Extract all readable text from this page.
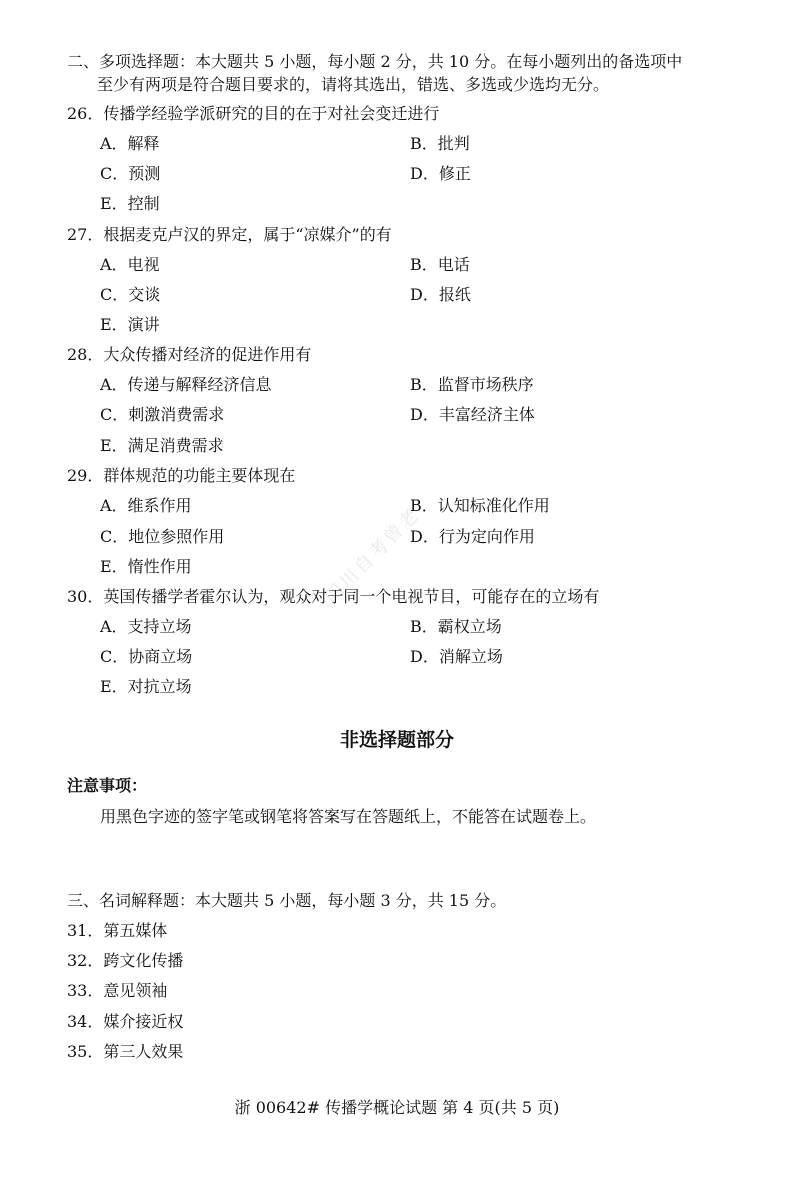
四川自考曾老
二、多项选择题：本大题共 5 小题，每小题 2 分，共 10 分。在每小题列出的备选项中
至少有两项是符合题目要求的，请将其选出，错选、多选或少选均无分。
26．传播学经验学派研究的目的在于对社会变迁进行
A．解释	B．批判
C．预测	D．修正
E．控制
27．根据麦克卢汉的界定，属于“凉媒介”的有
A．电视	B．电话
C．交谈	D．报纸
E．演讲
28．大众传播对经济的促进作用有
A．传递与解释经济信息	B．监督市场秩序
C．刺激消费需求	D．丰富经济主体
E．满足消费需求
29．群体规范的功能主要体现在
A．维系作用	B．认知标准化作用
C．地位参照作用	D．行为定向作用
E．惰性作用
30．英国传播学者霍尔认为，观众对于同一个电视节目，可能存在的立场有
A．支持立场	B．霸权立场
C．协商立场	D．消解立场
E．对抗立场
非选择题部分
注意事项：
用黑色字迹的签字笔或钢笔将答案写在答题纸上，不能答在试题卷上。
三、名词解释题：本大题共 5 小题，每小题 3 分，共 15 分。
31．第五媒体
32．跨文化传播
33．意见领袖
34．媒介接近权
35．第三人效果
浙 00642# 传播学概论试题 第 4 页(共 5 页)
